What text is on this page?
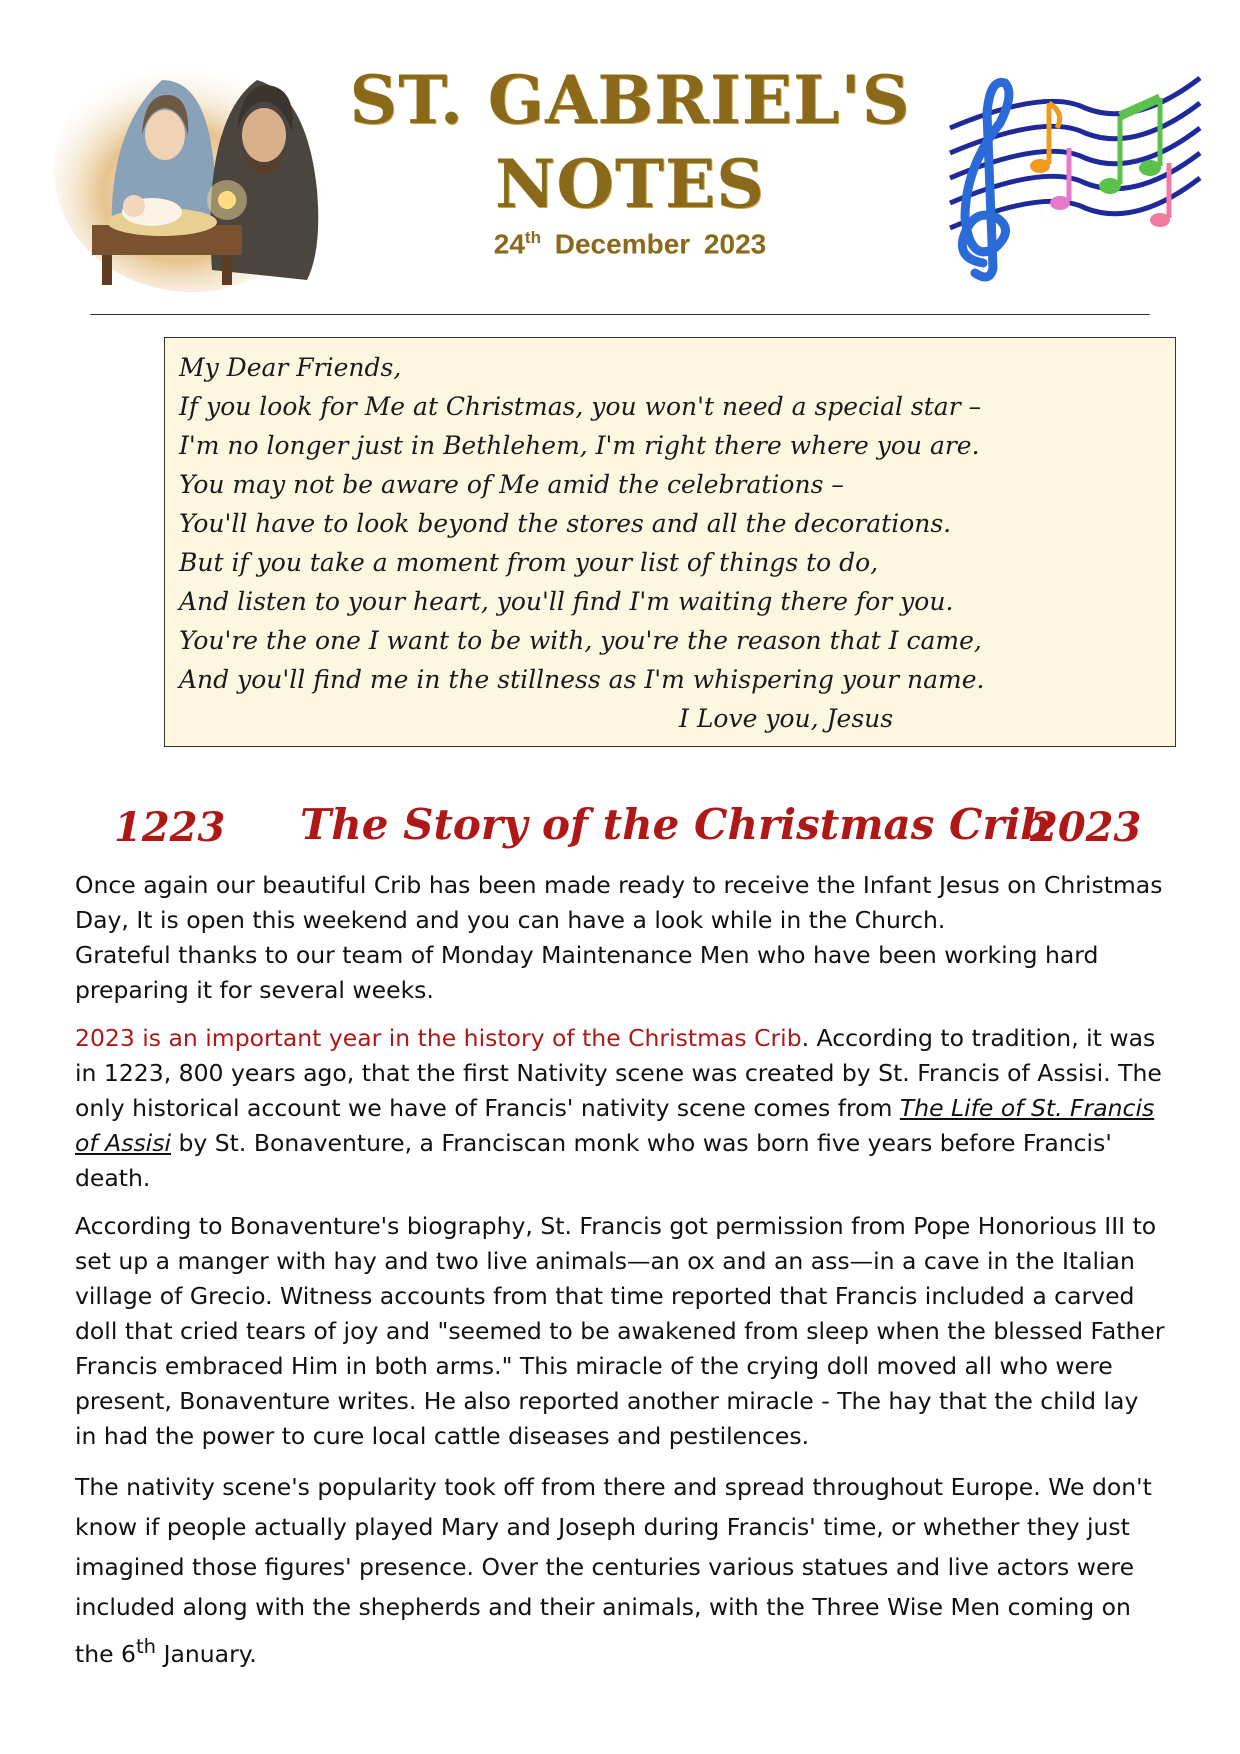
ST. GABRIEL'S
NOTES
24th December 2023
My Dear Friends,
If you look for Me at Christmas, you won't need a special star –
I'm no longer just in Bethlehem, I'm right there where you are.
You may not be aware of Me amid the celebrations –
You'll have to look beyond the stores and all the decorations.
But if you take a moment from your list of things to do,
And listen to your heart, you'll find I'm waiting there for you.
You're the one I want to be with, you're the reason that I came,
And you'll find me in the stillness as I'm whispering your name.
I Love you, Jesus
1223 The Story of the Christmas Crib
2023

Once again our beautiful Crib has been made ready to receive the Infant Jesus on Christmas Day, It is open this weekend and you can have a look while in the Church.
Grateful thanks to our team of Monday Maintenance Men who have been working hard preparing it for several weeks.

2023 is an important year in the history of the Christmas Crib. According to tradition, it was in 1223, 800 years ago, that the first Nativity scene was created by St. Francis of Assisi. The only historical account we have of Francis' nativity scene comes from The Life of St. Francis of Assisi by St. Bonaventure, a Franciscan monk who was born five years before Francis' death.

According to Bonaventure's biography, St. Francis got permission from Pope Honorious III to set up a manger with hay and two live animals—an ox and an ass—in a cave in the Italian village of Grecio. Witness accounts from that time reported that Francis included a carved doll that cried tears of joy and "seemed to be awakened from sleep when the blessed Father Francis embraced Him in both arms." This miracle of the crying doll moved all who were present, Bonaventure writes. He also reported another miracle - The hay that the child lay in had the power to cure local cattle diseases and pestilences.

The nativity scene's popularity took off from there and spread throughout Europe. We don't know if people actually played Mary and Joseph during Francis' time, or whether they just imagined those figures' presence. Over the centuries various statues and live actors were included along with the shepherds and their animals, with the Three Wise Men coming on the 6th January.
